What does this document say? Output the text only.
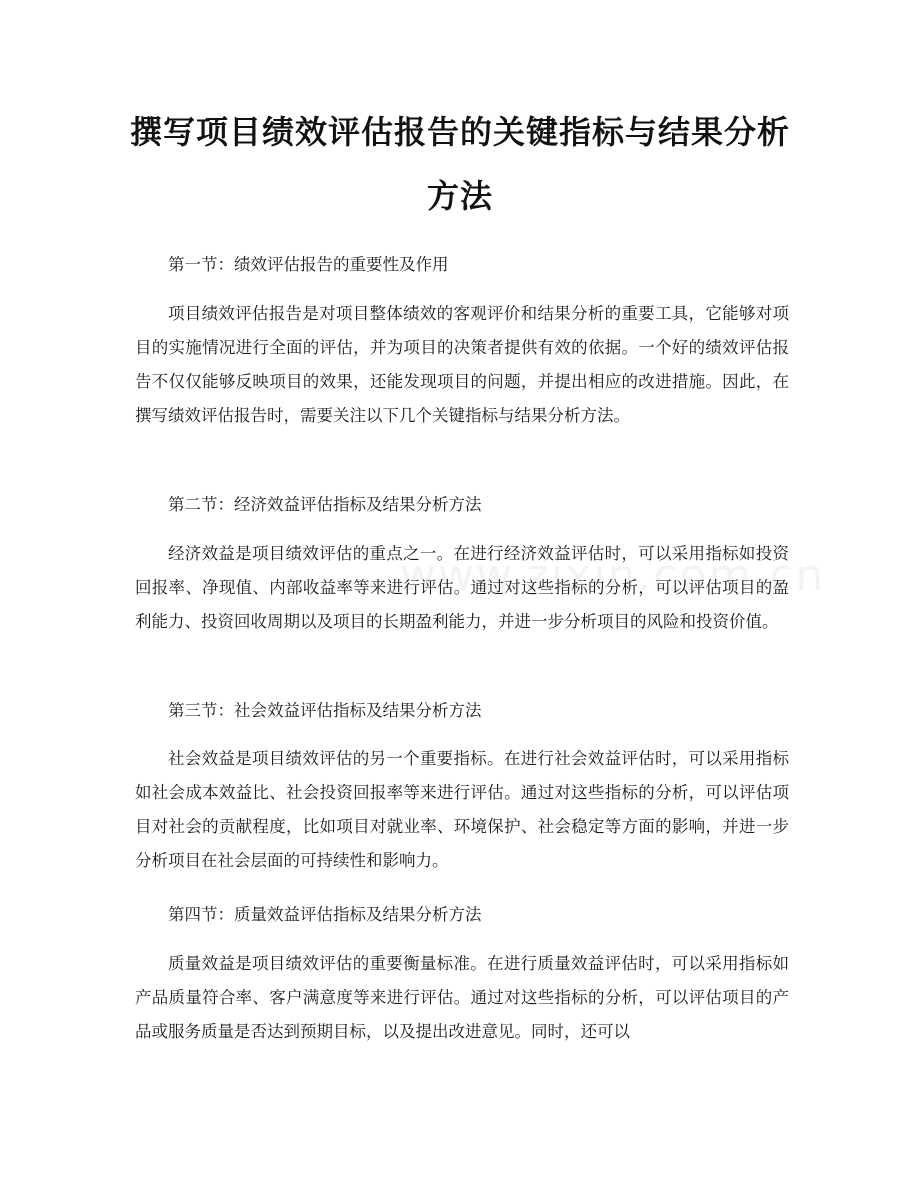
撰写项目绩效评估报告的关键指标与结果分析方法

第一节：绩效评估报告的重要性及作用

项目绩效评估报告是对项目整体绩效的客观评价和结果分析的重要工具，它能够对项目的实施情况进行全面的评估，并为项目的决策者提供有效的依据。一个好的绩效评估报告不仅仅能够反映项目的效果，还能发现项目的问题，并提出相应的改进措施。因此，在撰写绩效评估报告时，需要关注以下几个关键指标与结果分析方法。

第二节：经济效益评估指标及结果分析方法

经济效益是项目绩效评估的重点之一。在进行经济效益评估时，可以采用指标如投资回报率、净现值、内部收益率等来进行评估。通过对这些指标的分析，可以评估项目的盈利能力、投资回收周期以及项目的长期盈利能力，并进一步分析项目的风险和投资价值。

第三节：社会效益评估指标及结果分析方法

社会效益是项目绩效评估的另一个重要指标。在进行社会效益评估时，可以采用指标如社会成本效益比、社会投资回报率等来进行评估。通过对这些指标的分析，可以评估项目对社会的贡献程度，比如项目对就业率、环境保护、社会稳定等方面的影响，并进一步分析项目在社会层面的可持续性和影响力。

第四节：质量效益评估指标及结果分析方法

质量效益是项目绩效评估的重要衡量标准。在进行质量效益评估时，可以采用指标如产品质量符合率、客户满意度等来进行评估。通过对这些指标的分析，可以评估项目的产品或服务质量是否达到预期目标，以及提出改进意见。同时，还可以
